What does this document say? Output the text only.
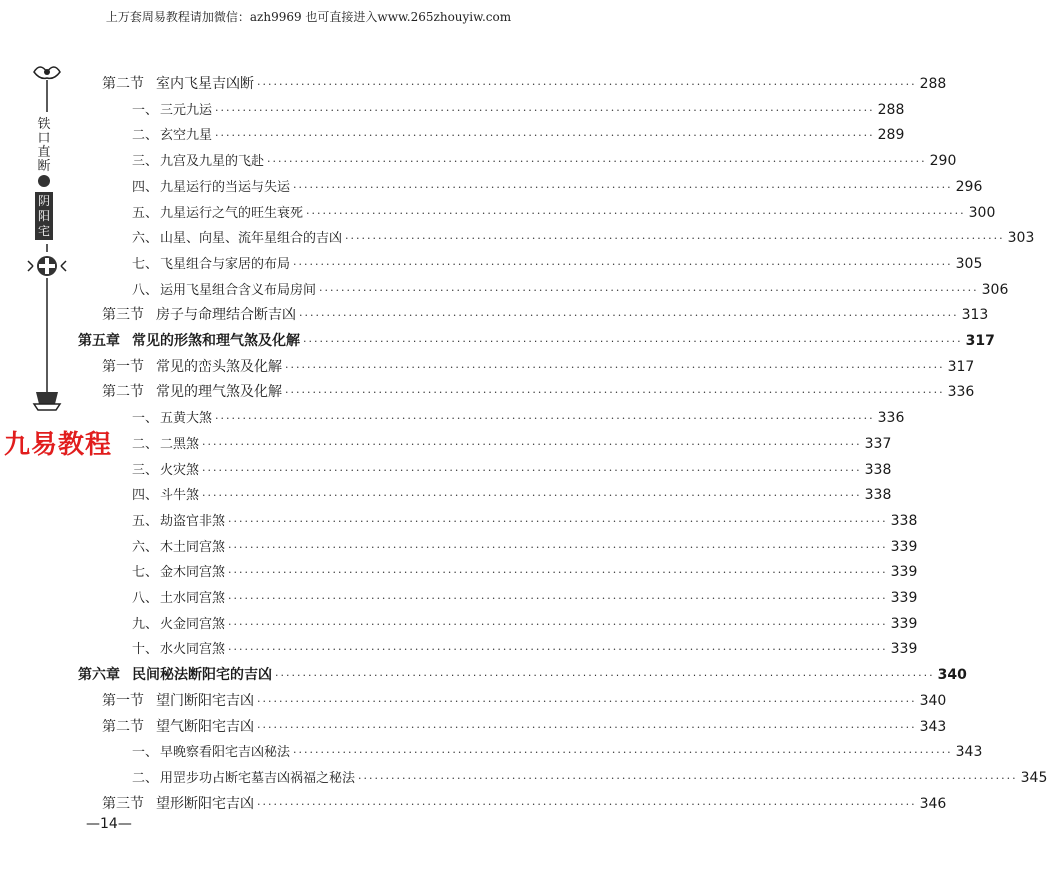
上万套周易教程请加微信：azh9969 也可直接进入www.265zhouyiw.com
铁
口
直
断
阴
阳
宅
九易教程
第二节 室内飞星吉凶断 ························································································································ 288
一、 三元九运 ························································································································ 288
二、 玄空九星 ························································································································ 289
三、 九宫及九星的飞赴 ························································································································ 290
四、 九星运行的当运与失运 ························································································································ 296
五、 九星运行之气的旺生衰死 ························································································································ 300
六、 山星、向星、流年星组合的吉凶 ························································································································ 303
七、 飞星组合与家居的布局 ························································································································ 305
八、 运用飞星组合含义布局房间 ························································································································ 306
第三节 房子与命理结合断吉凶 ························································································································ 313
第五章 常见的形煞和理气煞及化解 ························································································································ 317
第一节 常见的峦头煞及化解 ························································································································ 317
第二节 常见的理气煞及化解 ························································································································ 336
一、 五黄大煞 ························································································································ 336
二、 二黑煞 ························································································································ 337
三、 火灾煞 ························································································································ 338
四、 斗牛煞 ························································································································ 338
五、 劫盗官非煞 ························································································································ 338
六、 木土同宫煞 ························································································································ 339
七、 金木同宫煞 ························································································································ 339
八、 土水同宫煞 ························································································································ 339
九、 火金同宫煞 ························································································································ 339
十、 水火同宫煞 ························································································································ 339
第六章 民间秘法断阳宅的吉凶 ························································································································ 340
第一节 望门断阳宅吉凶 ························································································································ 340
第二节 望气断阳宅吉凶 ························································································································ 343
一、 早晚察看阳宅吉凶秘法 ························································································································ 343
二、 用罡步功占断宅墓吉凶祸福之秘法 ························································································································ 345
第三节 望形断阳宅吉凶 ························································································································ 346
—14—
